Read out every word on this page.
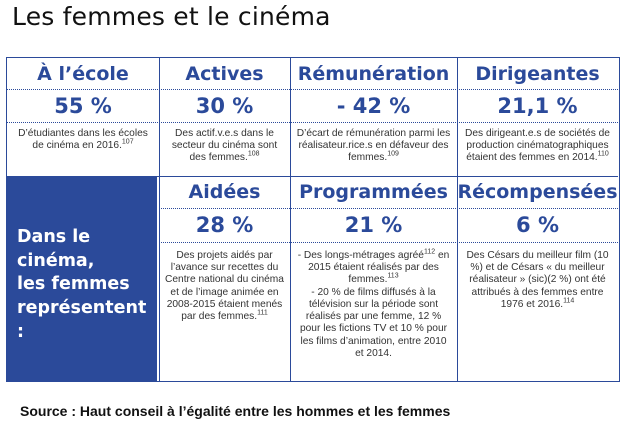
Les femmes et le cinéma
À l’école
55 %
D’étudiantes dans les écoles de cinéma en 2016.$^{107}$
Actives
30 %
Des actif.v.e.s dans le secteur du cinéma sont des femmes.$^{108}$
Rémunération
- 42 %
D’écart de rémunération parmi les réalisateur.rice.s en défaveur des femmes.$^{109}$
Dirigeantes
21,1 %
Des dirigeant.e.s de sociétés de production cinématographiques étaient des femmes en 2014.$^{110}$
Dans le
cinéma,
les femmes
représentent :
Aidées
28 %
Des projets aidés par l’avance sur recettes du Centre national du cinéma et de l’image animée en 2008-2015 étaient menés par des femmes.$^{111}$
Programmées
21 %
- Des longs-métrages agréé$^{112}$ en 2015 étaient réalisés par des femmes.$^{113}$
- 20 % de films diffusés à la télévision sur la période sont réalisés par une femme, 12 % pour les fictions TV et 10 % pour les films d’animation, entre 2010 et 2014.
Récompensées
6 %
Des Césars du meilleur film (10 %) et de Césars « du meilleur réalisateur » (sic)(2 %) ont été attribués à des femmes entre 1976 et 2016.$^{114}$
Source : Haut conseil à l’égalité entre les hommes et les femmes
